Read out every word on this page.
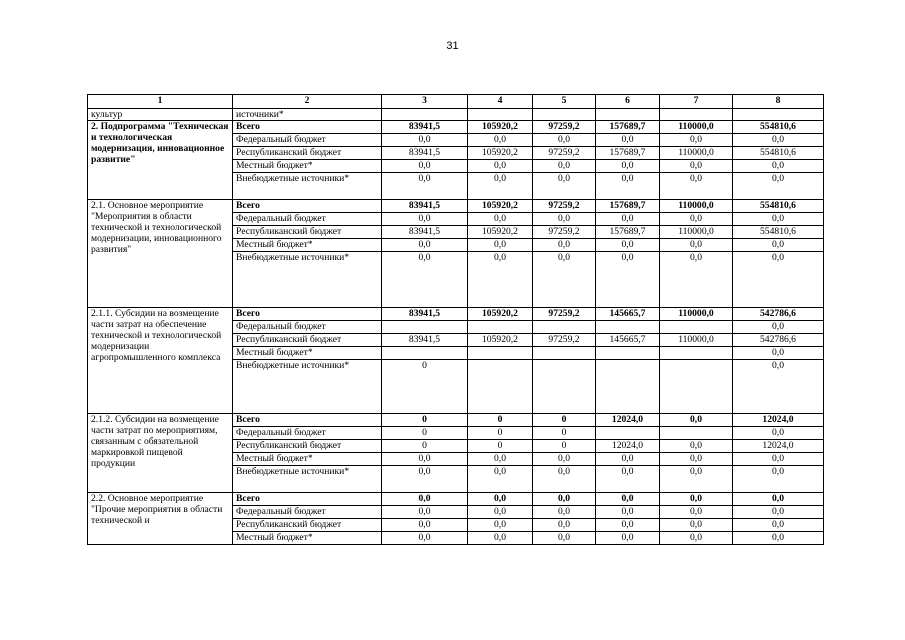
31
1	2	3	4	5	6	7	8
культур	источники*						
2. Подпрограмма "Техническая и технологическая модернизация, инновационное развитие"	Всего	83941,5	105920,2	97259,2	157689,7	110000,0	554810,6
	Федеральный бюджет	0,0	0,0	0,0	0,0	0,0	0,0
	Республиканский бюджет	83941,5	105920,2	97259,2	157689,7	110000,0	554810,6
	Местный бюджет*	0,0	0,0	0,0	0,0	0,0	0,0
	Внебюджетные источники*	0,0	0,0	0,0	0,0	0,0	0,0
2.1. Основное мероприятие "Мероприятия в области технической и технологической модернизации, инновационного развития"	Всего	83941,5	105920,2	97259,2	157689,7	110000,0	554810,6
	Федеральный бюджет	0,0	0,0	0,0	0,0	0,0	0,0
	Республиканский бюджет	83941,5	105920,2	97259,2	157689,7	110000,0	554810,6
	Местный бюджет*	0,0	0,0	0,0	0,0	0,0	0,0
	Внебюджетные источники*	0,0	0,0	0,0	0,0	0,0	0,0
2.1.1. Субсидии на возмещение части затрат на обеспечение технической и технологической модернизации агропромышленного комплекса	Всего	83941,5	105920,2	97259,2	145665,7	110000,0	542786,6
	Федеральный бюджет						0,0
	Республиканский бюджет	83941,5	105920,2	97259,2	145665,7	110000,0	542786,6
	Местный бюджет*						0,0
	Внебюджетные источники*	0					0,0
2.1.2. Субсидии на возмещение части затрат по мероприятиям, связанным с обязательной маркировкой пищевой продукции	Всего	0	0	0	12024,0	0,0	12024,0
	Федеральный бюджет	0	0	0			0,0
	Республиканский бюджет	0	0	0	12024,0	0,0	12024,0
	Местный бюджет*	0,0	0,0	0,0	0,0	0,0	0,0
	Внебюджетные источники*	0,0	0,0	0,0	0,0	0,0	0,0
2.2. Основное мероприятие "Прочие мероприятия в области технической и	Всего	0,0	0,0	0,0	0,0	0,0	0,0
	Федеральный бюджет	0,0	0,0	0,0	0,0	0,0	0,0
	Республиканский бюджет	0,0	0,0	0,0	0,0	0,0	0,0
	Местный бюджет*	0,0	0,0	0,0	0,0	0,0	0,0
